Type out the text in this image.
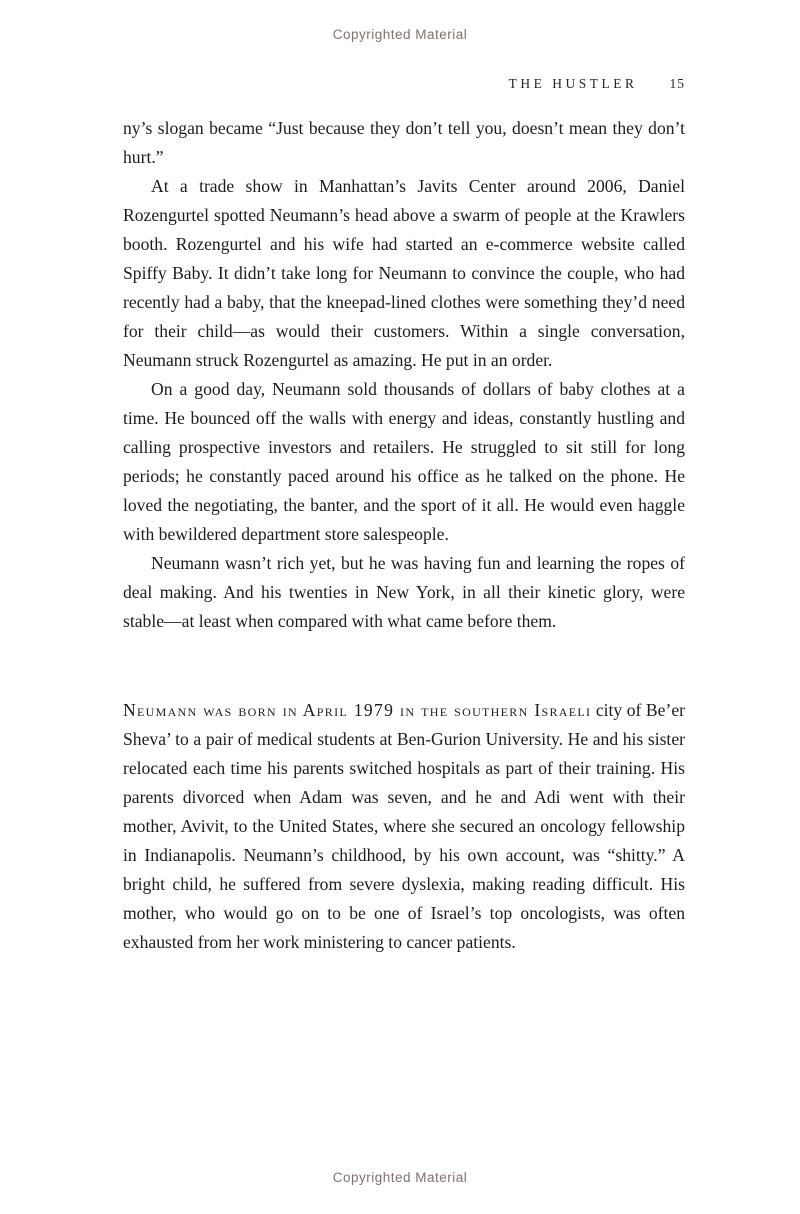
Copyrighted Material
THE HUSTLER 15

ny’s slogan became “Just because they don’t tell you, doesn’t mean they don’t hurt.”

At a trade show in Manhattan’s Javits Center around 2006, Daniel Rozengurtel spotted Neumann’s head above a swarm of people at the Krawlers booth. Rozengurtel and his wife had started an e-commerce website called Spiffy Baby. It didn’t take long for Neumann to convince the couple, who had recently had a baby, that the kneepad-lined clothes were something they’d need for their child—as would their customers. Within a single conversation, Neumann struck Rozengurtel as amazing. He put in an order.

On a good day, Neumann sold thousands of dollars of baby clothes at a time. He bounced off the walls with energy and ideas, constantly hustling and calling prospective investors and retailers. He struggled to sit still for long periods; he constantly paced around his office as he talked on the phone. He loved the negotiating, the banter, and the sport of it all. He would even haggle with bewildered department store salespeople.

Neumann wasn’t rich yet, but he was having fun and learning the ropes of deal making. And his twenties in New York, in all their kinetic glory, were stable—at least when compared with what came before them.

Neumann was born in April 1979 in the southern Israeli city of Be’er Sheva’ to a pair of medical students at Ben-Gurion University. He and his sister relocated each time his parents switched hospitals as part of their training. His parents divorced when Adam was seven, and he and Adi went with their mother, Avivit, to the United States, where she secured an oncology fellowship in Indianapolis. Neumann’s childhood, by his own account, was “shitty.” A bright child, he suffered from severe dyslexia, making reading difficult. His mother, who would go on to be one of Israel’s top oncologists, was often exhausted from her work ministering to cancer patients.

Copyrighted Material
